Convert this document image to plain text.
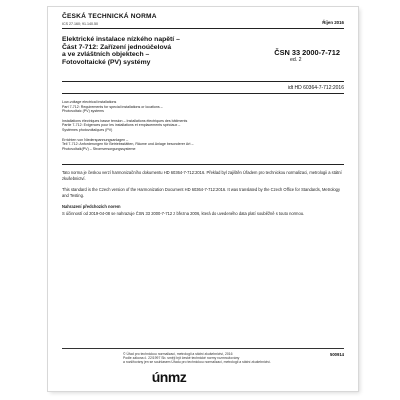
ČESKÁ TECHNICKÁ NORMA
ICS 27.160; 91.140.50	Říjen 2016
Elektrické instalace nízkého napětí –
Část 7-712: Zařízení jednoúčelová
a ve zvláštních objektech –
Fotovoltaické (PV) systémy
ČSN 33 2000-7-712
ed. 2
idt HD 60364-7-712:2016

Low-voltage electrical installations
Part 7-712: Requirements for special installations or locations –
Photovoltaic (PV) systems

Installations électriques basse tension – Installations électriques des bâtiments
Partie 7-712: Exigences pour les installations et emplacements spéciaux –
Systèmes photovoltaïques (PV)

Errichten von Niederspannungsanlagen –
Teil 7-712: Anforderungen für Betriebsstätten, Räume und Anlage besonderer Art –
Photovoltaik(PV) – Stromversorgungssysteme

Tato norma je českou verzí harmonizačního dokumentu HD 60364-7-712:2016. Překlad byl zajištěn Úřadem pro technickou normalizaci, metrologii a státní zkušebnictví.

This standard is the Czech version of the Harmonization Document HD 60364-7-712:2016. It was translated by the Czech Office for Standards, Metrology and Testing.

Nahrazení předchozích norem

S účinností od 2019-04-08 se nahrazuje ČSN 33 2000-7-712 z března 2006, která do uvedeného data platí souběžně s touto normou.

© Úřad pro technickou normalizaci, metrologii a státní zkušebnictví, 2016
Podle zákona č. 22/1997 Sb. smějí být české technické normy rozmnožovány
a rozšiřovány jen se souhlasem Úřadu pro technickou normalizaci, metrologii a státní zkušebnictví.
500914
únmz
